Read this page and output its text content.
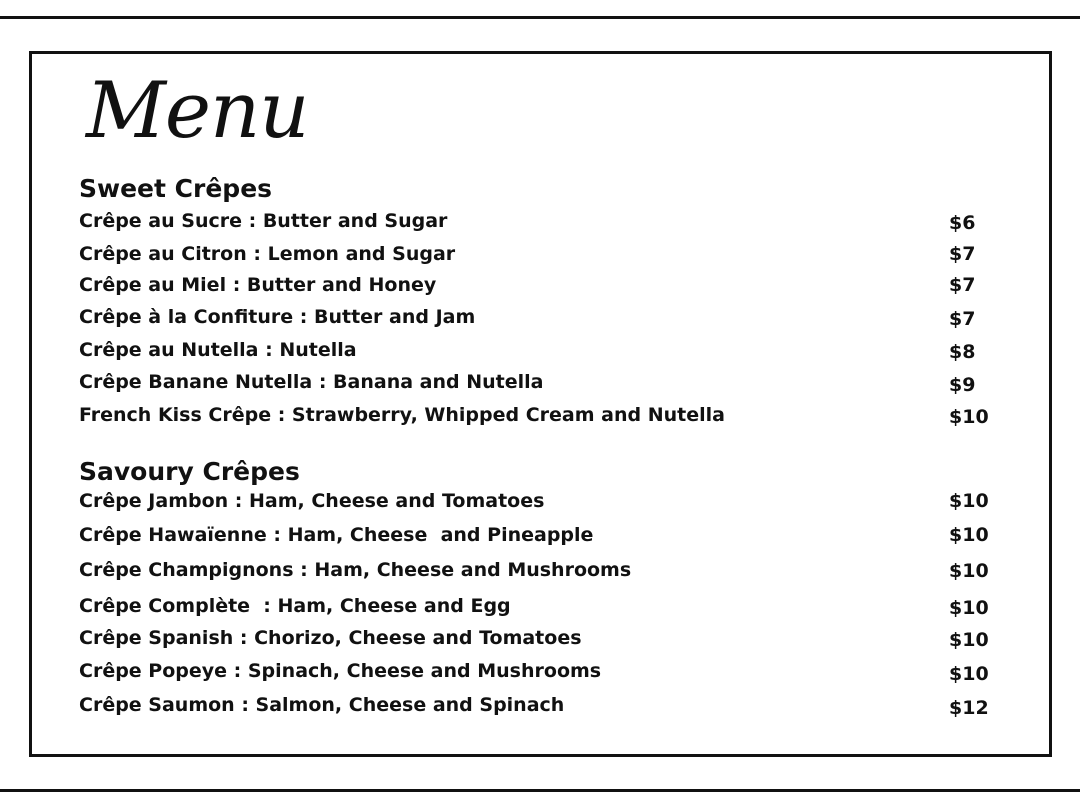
Menu
Sweet Crêpes
Crêpe au Sucre : Butter and Sugar	$6
Crêpe au Citron : Lemon and Sugar	$7
Crêpe au Miel : Butter and Honey	$7
Crêpe à la Confiture : Butter and Jam	$7
Crêpe au Nutella : Nutella	$8
Crêpe Banane Nutella : Banana and Nutella	$9
French Kiss Crêpe : Strawberry, Whipped Cream and Nutella	$10
Savoury Crêpes
Crêpe Jambon : Ham, Cheese and Tomatoes	$10
Crêpe Hawaïenne : Ham, Cheese  and Pineapple	$10
Crêpe Champignons : Ham, Cheese and Mushrooms	$10
Crêpe Complète  : Ham, Cheese and Egg	$10
Crêpe Spanish : Chorizo, Cheese and Tomatoes	$10
Crêpe Popeye : Spinach, Cheese and Mushrooms	$10
Crêpe Saumon : Salmon, Cheese and Spinach	$12
